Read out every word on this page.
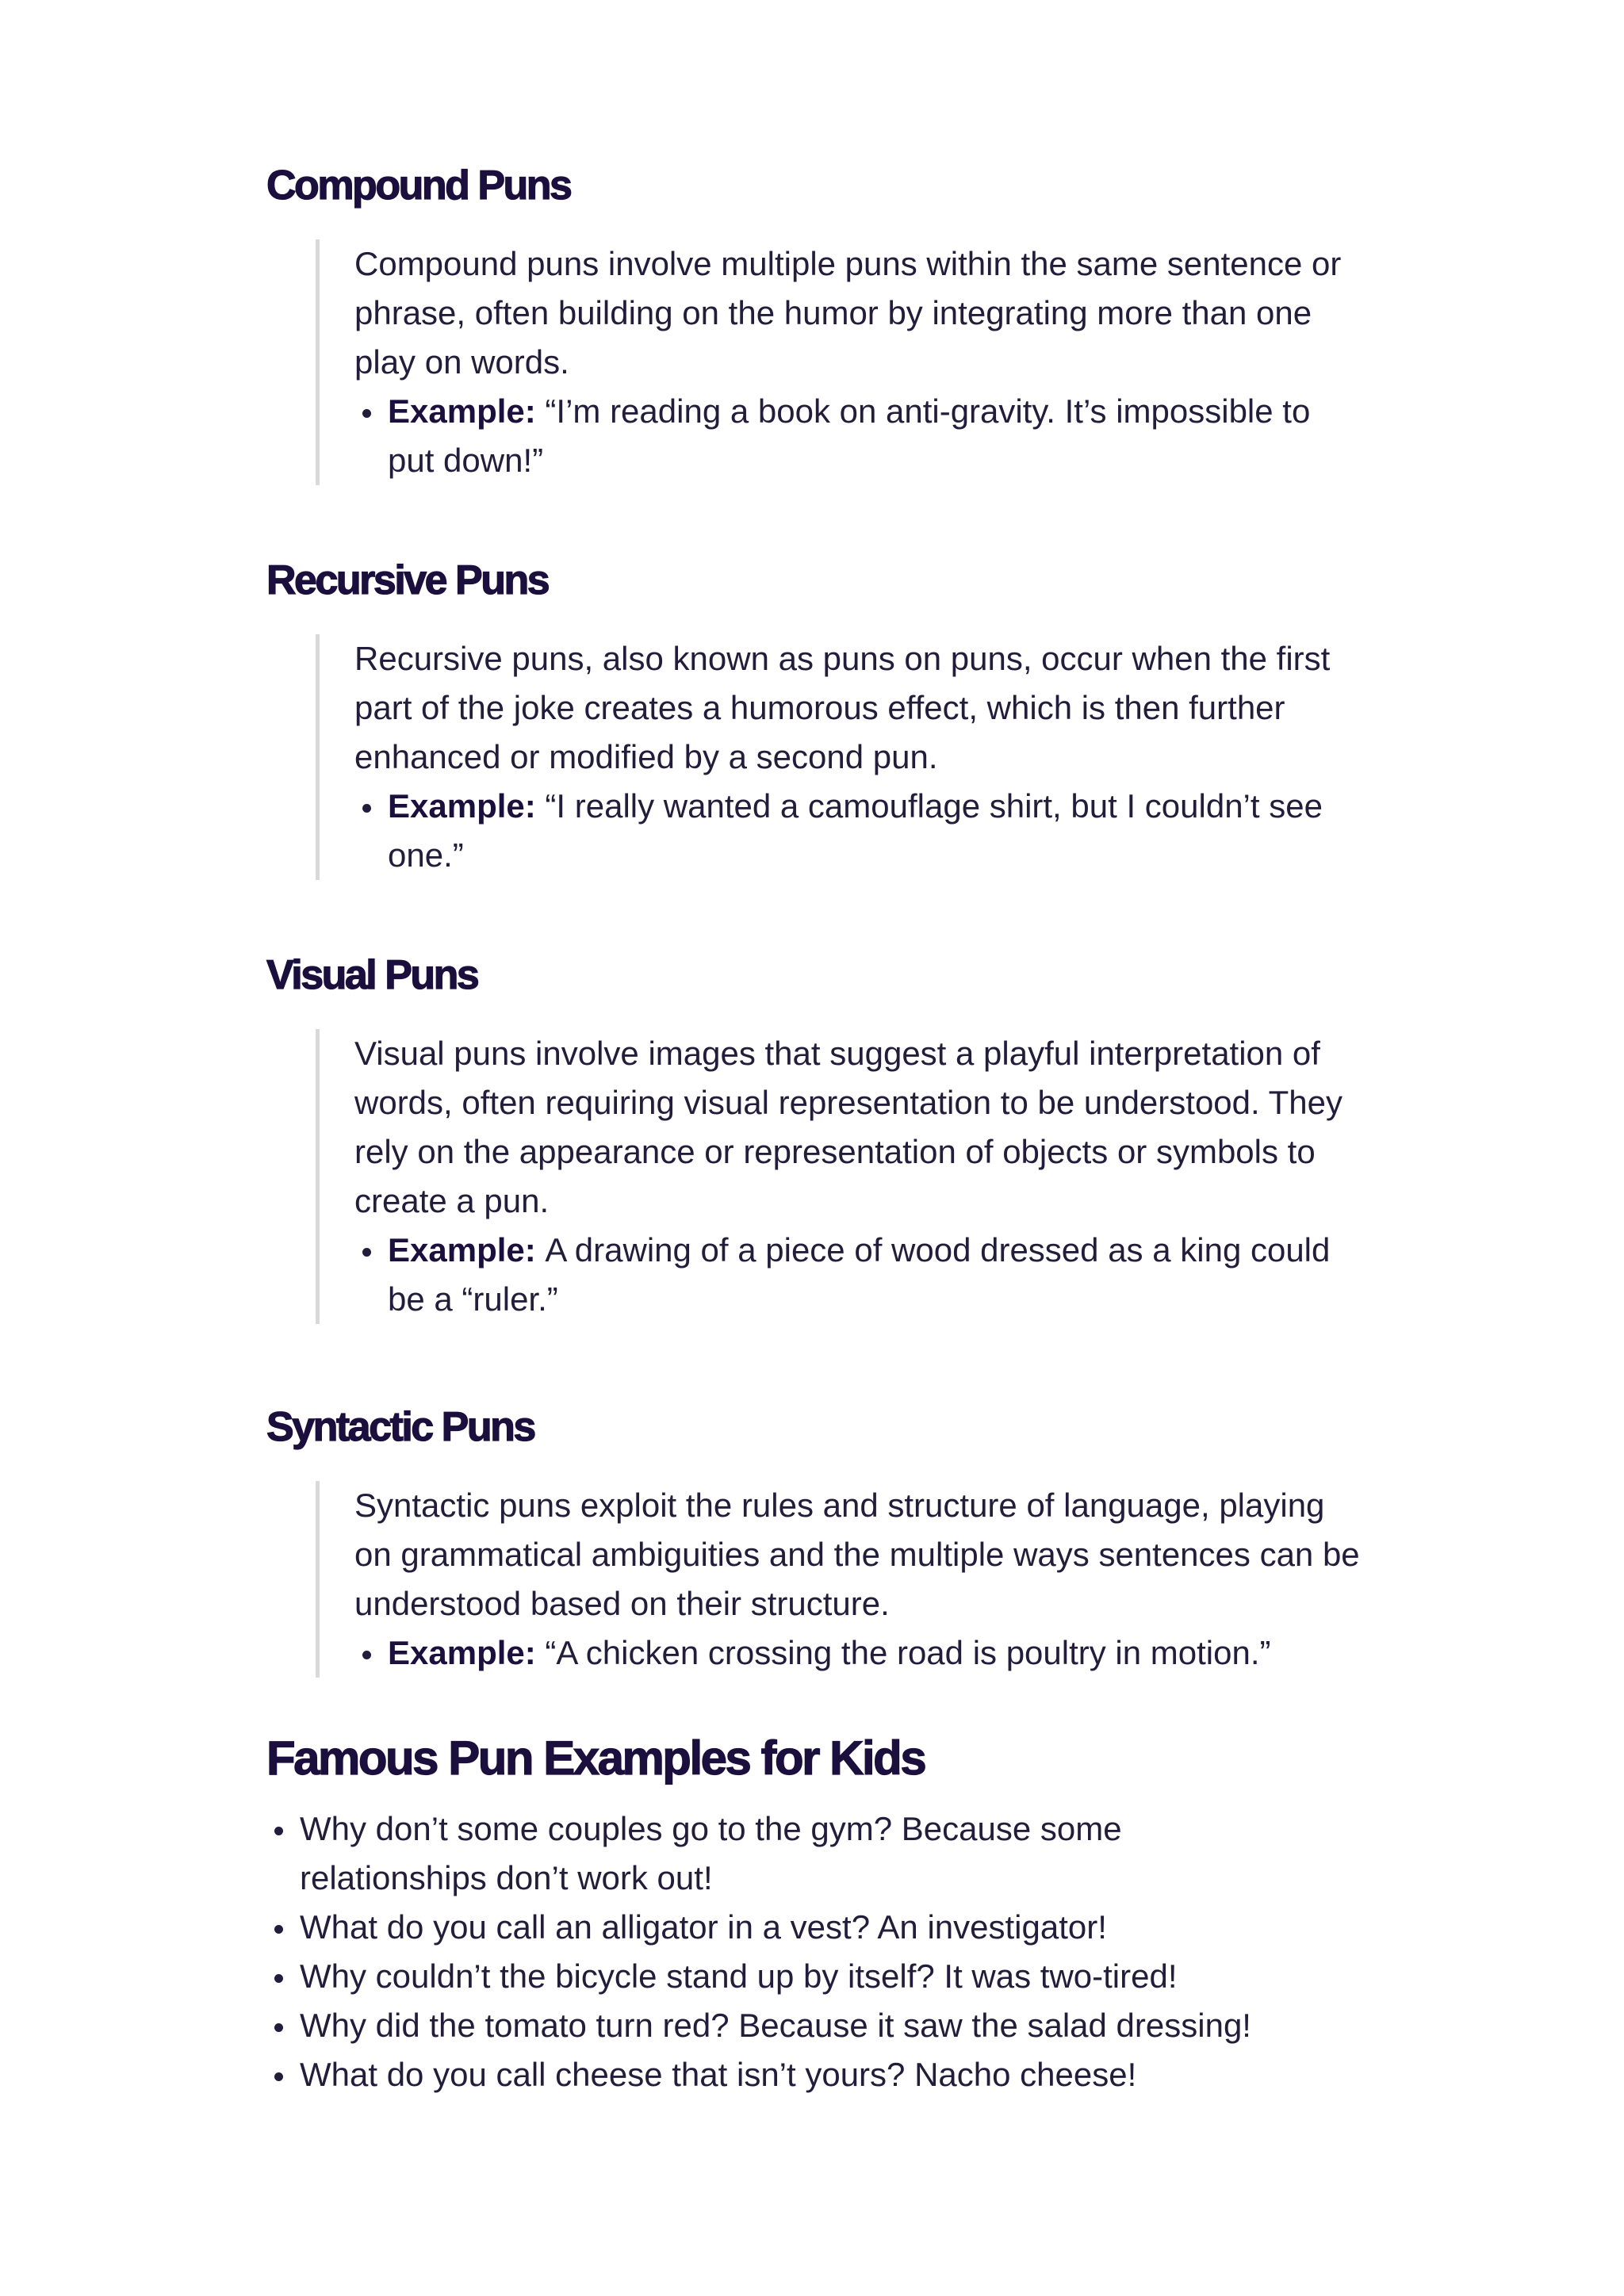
Compound Puns

Compound puns involve multiple puns within the same sentence or phrase, often building on the humor by integrating more than one play on words.

Example: “I’m reading a book on anti-gravity. It’s impossible to put down!”
Recursive Puns

Recursive puns, also known as puns on puns, occur when the first part of the joke creates a humorous effect, which is then further enhanced or modified by a second pun.

Example: “I really wanted a camouflage shirt, but I couldn’t see one.”
Visual Puns

Visual puns involve images that suggest a playful interpretation of words, often requiring visual representation to be understood. They rely on the appearance or representation of objects or symbols to create a pun.

Example: A drawing of a piece of wood dressed as a king could be a “ruler.”
Syntactic Puns

Syntactic puns exploit the rules and structure of language, playing on grammatical ambiguities and the multiple ways sentences can be understood based on their structure.

Example: “A chicken crossing the road is poultry in motion.”
Famous Pun Examples for Kids
Why don’t some couples go to the gym? Because some relationships don’t work out!
What do you call an alligator in a vest? An investigator!
Why couldn’t the bicycle stand up by itself? It was two-tired!
Why did the tomato turn red? Because it saw the salad dressing!
What do you call cheese that isn’t yours? Nacho cheese!
